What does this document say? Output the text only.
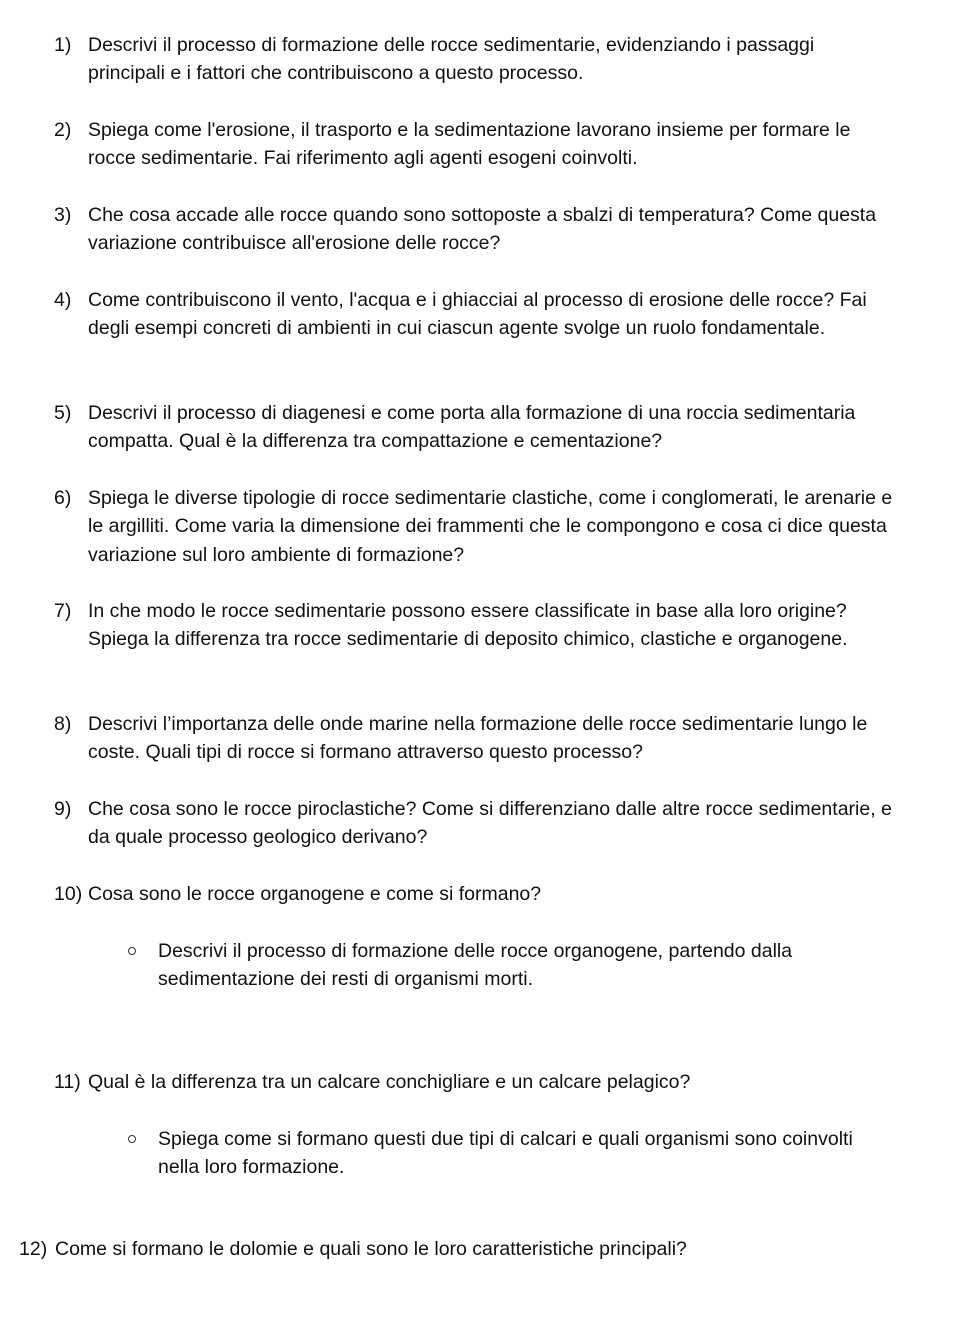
1) Descrivi il processo di formazione delle rocce sedimentarie, evidenziando i passaggi principali e i fattori che contribuiscono a questo processo.
2) Spiega come l'erosione, il trasporto e la sedimentazione lavorano insieme per formare le rocce sedimentarie. Fai riferimento agli agenti esogeni coinvolti.
3) Che cosa accade alle rocce quando sono sottoposte a sbalzi di temperatura? Come questa variazione contribuisce all'erosione delle rocce?
4) Come contribuiscono il vento, l'acqua e i ghiacciai al processo di erosione delle rocce? Fai degli esempi concreti di ambienti in cui ciascun agente svolge un ruolo fondamentale.
5) Descrivi il processo di diagenesi e come porta alla formazione di una roccia sedimentaria compatta. Qual è la differenza tra compattazione e cementazione?
6) Spiega le diverse tipologie di rocce sedimentarie clastiche, come i conglomerati, le arenarie e le argilliti. Come varia la dimensione dei frammenti che le compongono e cosa ci dice questa variazione sul loro ambiente di formazione?
7) In che modo le rocce sedimentarie possono essere classificate in base alla loro origine? Spiega la differenza tra rocce sedimentarie di deposito chimico, clastiche e organogene.
8) Descrivi l’importanza delle onde marine nella formazione delle rocce sedimentarie lungo le coste. Quali tipi di rocce si formano attraverso questo processo?
9) Che cosa sono le rocce piroclastiche? Come si differenziano dalle altre rocce sedimentarie, e da quale processo geologico derivano?
10) Cosa sono le rocce organogene e come si formano?
Descrivi il processo di formazione delle rocce organogene, partendo dalla sedimentazione dei resti di organismi morti.
11) Qual è la differenza tra un calcare conchigliare e un calcare pelagico?
Spiega come si formano questi due tipi di calcari e quali organismi sono coinvolti nella loro formazione.
12) Come si formano le dolomie e quali sono le loro caratteristiche principali?
